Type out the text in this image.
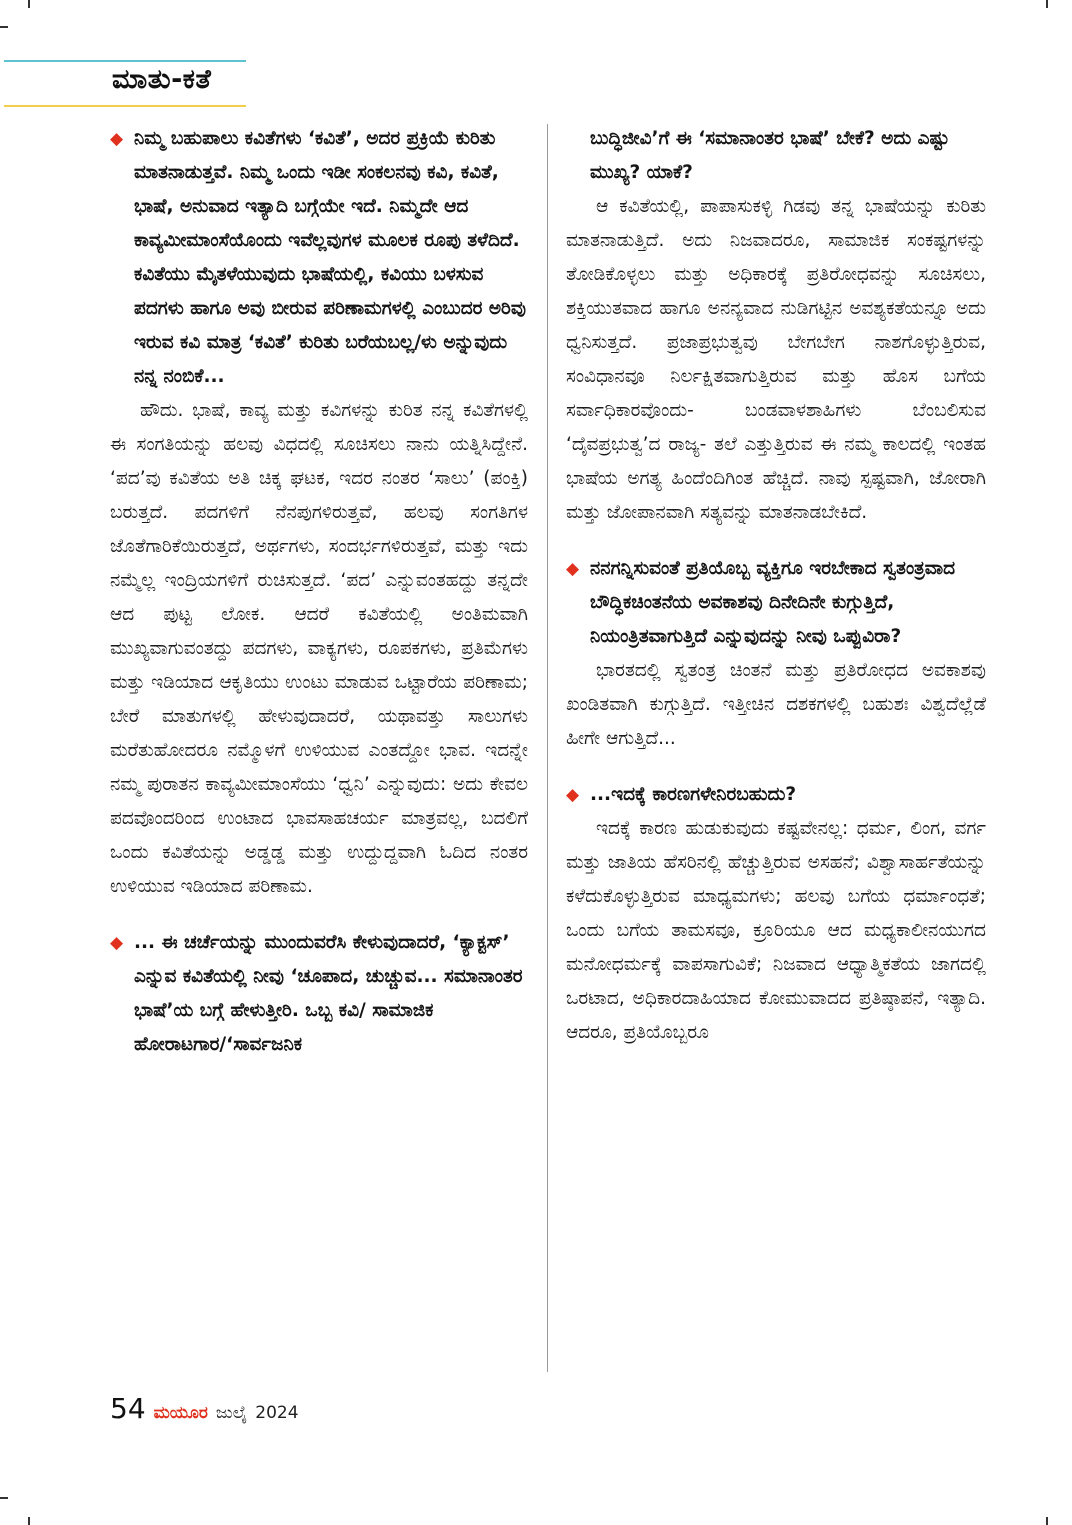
ಮಾತು-ಕತೆ

◆ ನಿಮ್ಮ ಬಹುಪಾಲು ಕವಿತೆಗಳು ‘ಕವಿತೆ’, ಅದರ ಪ್ರಕ್ರಿಯೆ ಕುರಿತು ಮಾತನಾಡುತ್ತವೆ. ನಿಮ್ಮ ಒಂದು ಇಡೀ ಸಂಕಲನವು ಕವಿ, ಕವಿತೆ, ಭಾಷೆ, ಅನುವಾದ ಇತ್ಯಾದಿ ಬಗ್ಗೆಯೇ ಇದೆ. ನಿಮ್ಮದೇ ಆದ ಕಾವ್ಯಮೀಮಾಂಸೆಯೊಂದು ಇವೆಲ್ಲವುಗಳ ಮೂಲಕ ರೂಪು ತಳೆದಿದೆ. ಕವಿತೆಯು ಮೈತಳೆಯುವುದು ಭಾಷೆಯಲ್ಲಿ, ಕವಿಯು ಬಳಸುವ ಪದಗಳು ಹಾಗೂ ಅವು ಬೀರುವ ಪರಿಣಾಮಗಳಲ್ಲಿ ಎಂಬುದರ ಅರಿವು ಇರುವ ಕವಿ ಮಾತ್ರ ‘ಕವಿತೆ’ ಕುರಿತು ಬರೆಯಬಲ್ಲ/ಳು ಅನ್ನುವುದು ನನ್ನ ನಂಬಿಕೆ...

ಹೌದು. ಭಾಷೆ, ಕಾವ್ಯ ಮತ್ತು ಕವಿಗಳನ್ನು ಕುರಿತ ನನ್ನ ಕವಿತೆಗಳಲ್ಲಿ ಈ ಸಂಗತಿಯನ್ನು ಹಲವು ವಿಧದಲ್ಲಿ ಸೂಚಿಸಲು ನಾನು ಯತ್ನಿಸಿದ್ದೇನೆ. ‘ಪದ’ವು ಕವಿತೆಯ ಅತಿ ಚಿಕ್ಕ ಘಟಕ, ಇದರ ನಂತರ ‘ಸಾಲು’ (ಪಂಕ್ತಿ) ಬರುತ್ತದೆ. ಪದಗಳಿಗೆ ನೆನಪುಗಳಿರುತ್ತವೆ, ಹಲವು ಸಂಗತಿಗಳ ಜೊತೆಗಾರಿಕೆಯಿರುತ್ತದೆ, ಅರ್ಥಗಳು, ಸಂದರ್ಭಗಳಿರುತ್ತವೆ, ಮತ್ತು ಇದು ನಮ್ಮೆಲ್ಲ ಇಂದ್ರಿಯಗಳಿಗೆ ರುಚಿಸುತ್ತದೆ. ‘ಪದ’ ಎನ್ನುವಂತಹದ್ದು ತನ್ನದೇ ಆದ ಪುಟ್ಟ ಲೋಕ. ಆದರೆ ಕವಿತೆಯಲ್ಲಿ ಅಂತಿಮವಾಗಿ ಮುಖ್ಯವಾಗುವಂತದ್ದು ಪದಗಳು, ವಾಕ್ಯಗಳು, ರೂಪಕಗಳು, ಪ್ರತಿಮೆಗಳು ಮತ್ತು ಇಡಿಯಾದ ಆಕೃತಿಯು ಉಂಟು ಮಾಡುವ ಒಟ್ಟಾರೆಯ ಪರಿಣಾಮ; ಬೇರೆ ಮಾತುಗಳಲ್ಲಿ ಹೇಳುವುದಾದರೆ, ಯಥಾವತ್ತು ಸಾಲುಗಳು ಮರೆತುಹೋದರೂ ನಮ್ಮೊಳಗೆ ಉಳಿಯುವ ಎಂತದ್ದೋ ಭಾವ. ಇದನ್ನೇ ನಮ್ಮ ಪುರಾತನ ಕಾವ್ಯಮೀಮಾಂಸೆಯು ‘ಧ್ವನಿ’ ಎನ್ನುವುದು: ಅದು ಕೇವಲ ಪದವೊಂದರಿಂದ ಉಂಟಾದ ಭಾವಸಾಹಚರ್ಯ ಮಾತ್ರವಲ್ಲ, ಬದಲಿಗೆ ಒಂದು ಕವಿತೆಯನ್ನು ಅಡ್ಡಡ್ಡ ಮತ್ತು ಉದ್ದುದ್ದವಾಗಿ ಓದಿದ ನಂತರ ಉಳಿಯುವ ಇಡಿಯಾದ ಪರಿಣಾಮ.

◆ ... ಈ ಚರ್ಚೆಯನ್ನು ಮುಂದುವರೆಸಿ ಕೇಳುವುದಾದರೆ, ‘ಕ್ಯಾಕ್ಟಸ್’ ಎನ್ನುವ ಕವಿತೆಯಲ್ಲಿ ನೀವು ‘ಚೂಪಾದ, ಚುಚ್ಚುವ... ಸಮಾನಾಂತರ ಭಾಷೆ’ಯ ಬಗ್ಗೆ ಹೇಳುತ್ತೀರಿ. ಒಬ್ಬ ಕವಿ/ ಸಾಮಾಜಿಕ ಹೋರಾಟಗಾರ/‘ಸಾರ್ವಜನಿಕ

ಬುದ್ಧಿಜೀವಿ’ಗೆ ಈ ‘ಸಮಾನಾಂತರ ಭಾಷೆ’ ಬೇಕೆ? ಅದು ಎಷ್ಟು ಮುಖ್ಯ? ಯಾಕೆ?

ಆ ಕವಿತೆಯಲ್ಲಿ, ಪಾಪಾಸುಕಳ್ಳಿ ಗಿಡವು ತನ್ನ ಭಾಷೆಯನ್ನು ಕುರಿತು ಮಾತನಾಡುತ್ತಿದೆ. ಅದು ನಿಜವಾದರೂ, ಸಾಮಾಜಿಕ ಸಂಕಷ್ಟಗಳನ್ನು ತೋಡಿಕೊಳ್ಳಲು ಮತ್ತು ಅಧಿಕಾರಕ್ಕೆ ಪ್ರತಿರೋಧವನ್ನು ಸೂಚಿಸಲು, ಶಕ್ತಿಯುತವಾದ ಹಾಗೂ ಅನನ್ಯವಾದ ನುಡಿಗಟ್ಟಿನ ಅವಶ್ಯಕತೆಯನ್ನೂ ಅದು ಧ್ವನಿಸುತ್ತದೆ. ಪ್ರಜಾಪ್ರಭುತ್ವವು ಬೇಗಬೇಗ ನಾಶಗೊಳ್ಳುತ್ತಿರುವ, ಸಂವಿಧಾನವೂ ನಿರ್ಲಕ್ಷಿತವಾಗುತ್ತಿರುವ ಮತ್ತು ಹೊಸ ಬಗೆಯ ಸರ್ವಾಧಿಕಾರವೊಂದು- ಬಂಡವಾಳಶಾಹಿಗಳು ಬೆಂಬಲಿಸುವ ‘ದೈವಪ್ರಭುತ್ವ’ದ ರಾಜ್ಯ- ತಲೆ ಎತ್ತುತ್ತಿರುವ ಈ ನಮ್ಮ ಕಾಲದಲ್ಲಿ ಇಂತಹ ಭಾಷೆಯ ಅಗತ್ಯ ಹಿಂದೆಂದಿಗಿಂತ ಹೆಚ್ಚಿದೆ. ನಾವು ಸ್ಪಷ್ಟವಾಗಿ, ಜೋರಾಗಿ ಮತ್ತು ಜೋಪಾನವಾಗಿ ಸತ್ಯವನ್ನು ಮಾತನಾಡಬೇಕಿದೆ.

◆ ನನಗನ್ನಿಸುವಂತೆ ಪ್ರತಿಯೊಬ್ಬ ವ್ಯಕ್ತಿಗೂ ಇರಬೇಕಾದ ಸ್ವತಂತ್ರವಾದ ಬೌದ್ಧಿಕಚಿಂತನೆಯ ಅವಕಾಶವು ದಿನೇದಿನೇ ಕುಗ್ಗುತ್ತಿದೆ, ನಿಯಂತ್ರಿತವಾಗುತ್ತಿದೆ ಎನ್ನುವುದನ್ನು ನೀವು ಒಪ್ಪುವಿರಾ?

ಭಾರತದಲ್ಲಿ ಸ್ವತಂತ್ರ ಚಿಂತನೆ ಮತ್ತು ಪ್ರತಿರೋಧದ ಅವಕಾಶವು ಖಂಡಿತವಾಗಿ ಕುಗ್ಗುತ್ತಿದೆ. ಇತ್ತೀಚಿನ ದಶಕಗಳಲ್ಲಿ ಬಹುಶಃ ವಿಶ್ವದೆಲ್ಲೆಡೆ ಹೀಗೇ ಆಗುತ್ತಿದೆ...

◆ ...ಇದಕ್ಕೆ ಕಾರಣಗಳೇನಿರಬಹುದು?

ಇದಕ್ಕೆ ಕಾರಣ ಹುಡುಕುವುದು ಕಷ್ಟವೇನಲ್ಲ: ಧರ್ಮ, ಲಿಂಗ, ವರ್ಗ ಮತ್ತು ಜಾತಿಯ ಹೆಸರಿನಲ್ಲಿ ಹೆಚ್ಚುತ್ತಿರುವ ಅಸಹನೆ; ವಿಶ್ವಾಸಾರ್ಹತೆಯನ್ನು ಕಳೆದುಕೊಳ್ಳುತ್ತಿರುವ ಮಾಧ್ಯಮಗಳು; ಹಲವು ಬಗೆಯ ಧರ್ಮಾಂಧತೆ; ಒಂದು ಬಗೆಯ ತಾಮಸವೂ, ಕ್ರೂರಿಯೂ ಆದ ಮಧ್ಯಕಾಲೀನಯುಗದ ಮನೋಧರ್ಮಕ್ಕೆ ವಾಪಸಾಗುವಿಕೆ; ನಿಜವಾದ ಆಧ್ಯಾತ್ಮಿಕತೆಯ ಜಾಗದಲ್ಲಿ ಒರಟಾದ, ಅಧಿಕಾರದಾಹಿಯಾದ ಕೋಮುವಾದದ ಪ್ರತಿಷ್ಠಾಪನೆ, ಇತ್ಯಾದಿ. ಆದರೂ, ಪ್ರತಿಯೊಬ್ಬರೂ

54 ಮಯೂರ ಜುಲೈ 2024
